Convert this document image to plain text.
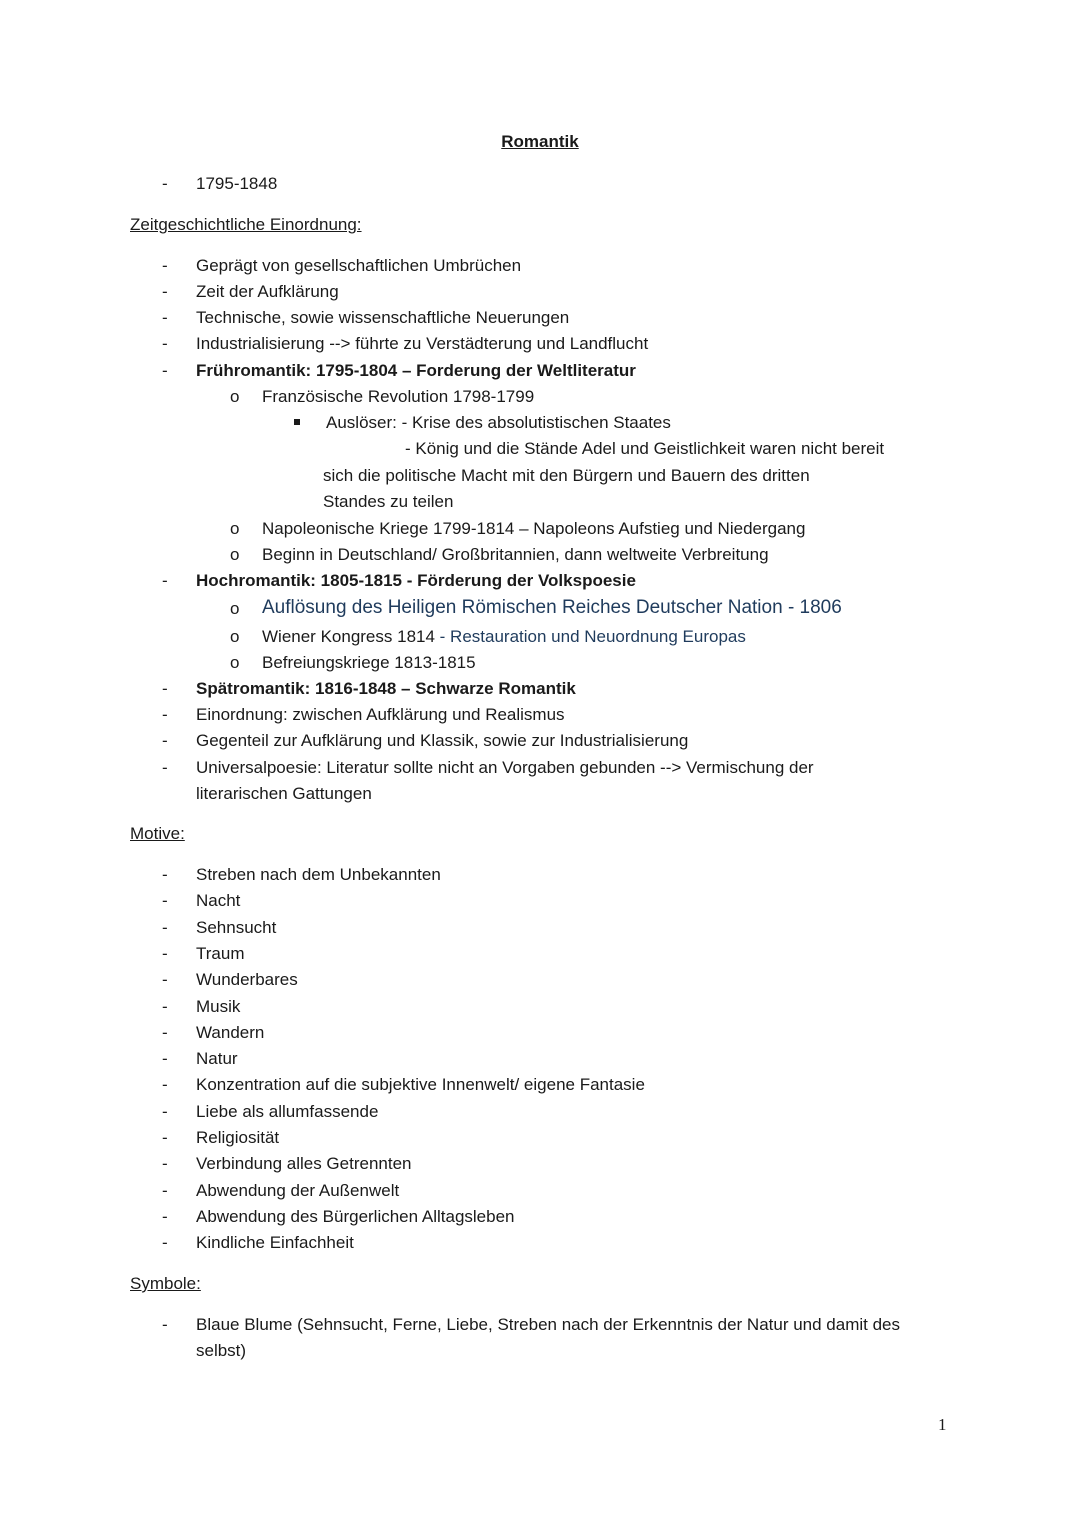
Romantik
- 1795-1848
Zeitgeschichtliche Einordnung:
- Geprägt von gesellschaftlichen Umbrüchen
- Zeit der Aufklärung
- Technische, sowie wissenschaftliche Neuerungen
- Industrialisierung --> führte zu Verstädterung und Landflucht
- Frühromantik: 1795-1804 – Forderung der Weltliteratur
o Französische Revolution 1798-1799
Auslöser: - Krise des absolutistischen Staates
- König und die Stände Adel und Geistlichkeit waren nicht bereit
sich die politische Macht mit den Bürgern und Bauern des dritten
Standes zu teilen
o Napoleonische Kriege 1799-1814 – Napoleons Aufstieg und Niedergang
o Beginn in Deutschland/ Großbritannien, dann weltweite Verbreitung
- Hochromantik: 1805-1815 - Förderung der Volkspoesie
o Auflösung des Heiligen Römischen Reiches Deutscher Nation - 1806
o Wiener Kongress 1814 - Restauration und Neuordnung Europas
o Befreiungskriege 1813-1815
- Spätromantik: 1816-1848 – Schwarze Romantik
- Einordnung: zwischen Aufklärung und Realismus
- Gegenteil zur Aufklärung und Klassik, sowie zur Industrialisierung
- Universalpoesie: Literatur sollte nicht an Vorgaben gebunden --> Vermischung der
literarischen Gattungen
Motive:
- Streben nach dem Unbekannten
- Nacht
- Sehnsucht
- Traum
- Wunderbares
- Musik
- Wandern
- Natur
- Konzentration auf die subjektive Innenwelt/ eigene Fantasie
- Liebe als allumfassende
- Religiosität
- Verbindung alles Getrennten
- Abwendung der Außenwelt
- Abwendung des Bürgerlichen Alltagsleben
- Kindliche Einfachheit
Symbole:
- Blaue Blume (Sehnsucht, Ferne, Liebe, Streben nach der Erkenntnis der Natur und damit des
selbst)
1
